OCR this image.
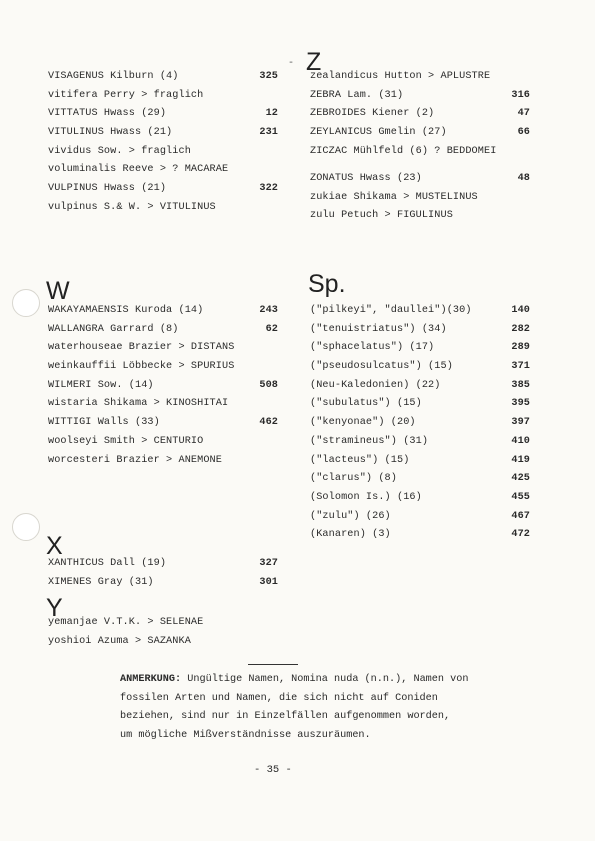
-
VISAGENUS Kilburn (4)	325
vitifera Perry > fraglich
VITTATUS Hwass (29)	12
VITULINUS Hwass (21)	231
vividus Sow. > fraglich
voluminalis Reeve > ? MACARAE
VULPINUS Hwass (21)	322
vulpinus S.& W. > VITULINUS
W
WAKAYAMAENSIS Kuroda (14)	243
WALLANGRA Garrard (8)	62
waterhouseae Brazier > DISTANS
weinkauffii Löbbecke > SPURIUS
WILMERI Sow. (14)	508
wistaria Shikama > KINOSHITAI
WITTIGI Walls (33)	462
woolseyi Smith > CENTURIO
worcesteri Brazier > ANEMONE
X
XANTHICUS Dall (19)	327
XIMENES Gray (31)	301
Y
yemanjae V.T.K. > SELENAE
yoshioi Azuma > SAZANKA
Z
zealandicus Hutton > APLUSTRE
ZEBRA Lam. (31)	316
ZEBROIDES Kiener (2)	47
ZEYLANICUS Gmelin (27)	66
ZICZAC Mühlfeld (6) ? BEDDOMEI
ZONATUS Hwass (23)	48
zukiae Shikama > MUSTELINUS
zulu Petuch > FIGULINUS
Sp.
("pilkeyi", "daullei")(30)	140
("tenuistriatus") (34)	282
("sphacelatus") (17)	289
("pseudosulcatus") (15)	371
(Neu-Kaledonien) (22)	385
("subulatus") (15)	395
("kenyonae") (20)	397
("stramineus") (31)	410
("lacteus") (15)	419
("clarus") (8)	425
(Solomon Is.) (16)	455
("zulu") (26)	467
(Kanaren) (3)	472
ANMERKUNG: Ungültige Namen, Nomina nuda (n.n.), Namen von
fossilen Arten und Namen, die sich nicht auf Coniden
beziehen, sind nur in Einzelfällen aufgenommen worden,
um mögliche Mißverständnisse auszuräumen.
- 35 -
